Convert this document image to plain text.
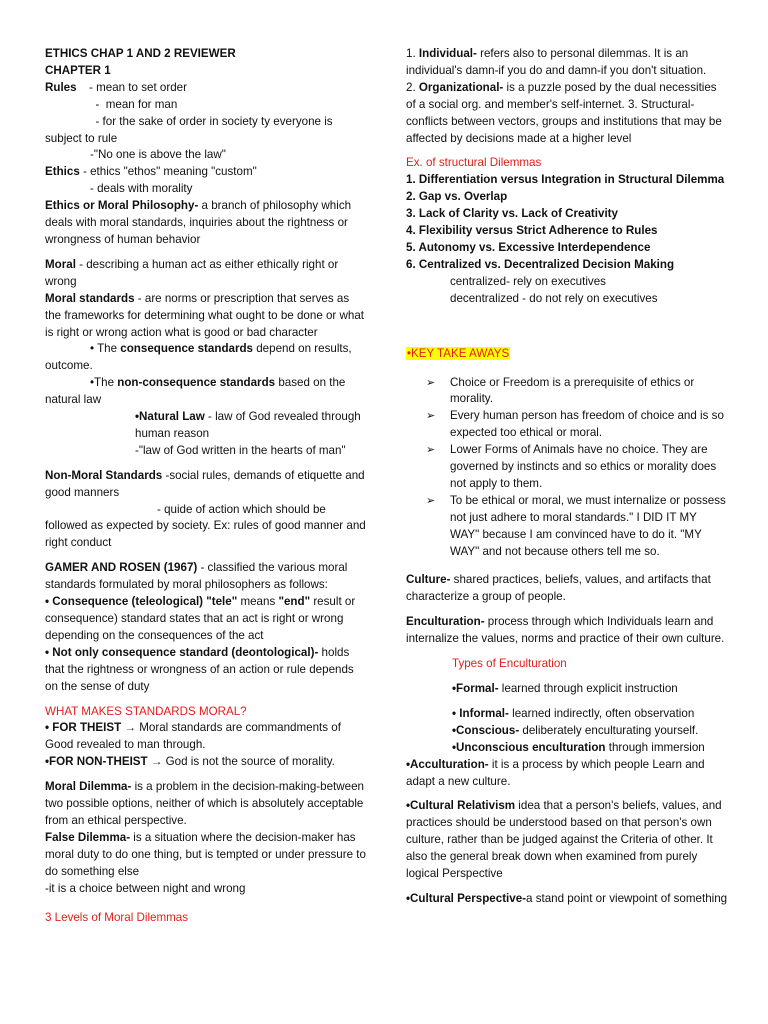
ETHICS CHAP 1 AND 2 REVIEWER

CHAPTER 1

Rules	- mean to set order

-  mean for man

- for the sake of order in society ty everyone is

subject to rule

-"No one is above the law"

Ethics - ethics "ethos" meaning "custom"

- deals with morality

Ethics or Moral Philosophy- a branch of philosophy which deals with moral standards, inquiries about the rightness or wrongness of human behavior

Moral - describing a human act as either ethically right or wrong

Moral standards - are norms or prescription that serves as the frameworks for determining what ought to be done or what is right or wrong action what is good or bad character

• The consequence standards depend on results,

outcome.

•The non-consequence standards based on the

natural law

•Natural Law - law of God revealed through human reason

-"law of God written in the hearts of man"

Non-Moral Standards -social rules, demands of etiquette and good manners

- quide of action which should be

followed as expected by society. Ex: rules of good manner and right conduct

GAMER AND ROSEN (1967) - classified the various moral standards formulated by moral philosophers as follows:

• Consequence (teleological) "tele" means "end" result or consequence) standard states that an act is right or wrong depending on the consequences of the act

• Not only consequence standard (deontological)- holds that the rightness or wrongness of an action or rule depends on the sense of duty

WHAT MAKES STANDARDS MORAL?

• FOR THEIST → Moral standards are commandments of Good revealed to man through.

•FOR NON-THEIST → God is not the source of morality.

Moral Dilemma- is a problem in the decision-making-between two possible options, neither of which is absolutely acceptable from an ethical perspective.

False Dilemma- is a situation where the decision-maker has moral duty to do one thing, but is tempted or under pressure to do something else

-it is a choice between night and wrong

3 Levels of Moral Dilemmas

1. Individual- refers also to personal dilemmas. It is an individual's damn-if you do and damn-if you don't situation.

2. Organizational- is a puzzle posed by the dual necessities of a social org. and member's self-internet. 3. Structural- conflicts between vectors, groups and institutions that may be affected by decisions made at a higher level

Ex. of structural Dilemmas

1. Differentiation versus Integration in Structural Dilemma

2. Gap vs. Overlap

3. Lack of Clarity vs. Lack of Creativity

4. Flexibility versus Strict Adherence to Rules

5. Autonomy vs. Excessive Interdependence

6. Centralized vs. Decentralized Decision Making

centralized- rely on executives

decentralized - do not rely on executives

•KEY TAKE AWAYS

➢	Choice or Freedom is a prerequisite of ethics or morality.
➢	Every human person has freedom of choice and is so expected too ethical or moral.
➢	Lower Forms of Animals have no choice. They are governed by instincts and so ethics or morality does not apply to them.
➢	To be ethical or moral, we must internalize or possess not just adhere to moral standards." I DID IT MY WAY" because I am convinced have to do it. "MY WAY" and not because others tell me so.

Culture- shared practices, beliefs, values, and artifacts that characterize a group of people.

Enculturation- process through which Individuals learn and internalize the values, norms and practice of their own culture.

Types of Enculturation

•Formal- learned through explicit instruction

• Informal- learned indirectly, often observation

•Conscious- deliberately enculturating yourself.

•Unconscious enculturation through immersion

•Acculturation- it is a process by which people Learn and adapt a new culture.

•Cultural Relativism idea that a person's beliefs, values, and practices should be understood based on that person's own culture, rather than be judged against the Criteria of other. It also the general break down when examined from purely logical Perspective

•Cultural Perspective-a stand point or viewpoint of something
